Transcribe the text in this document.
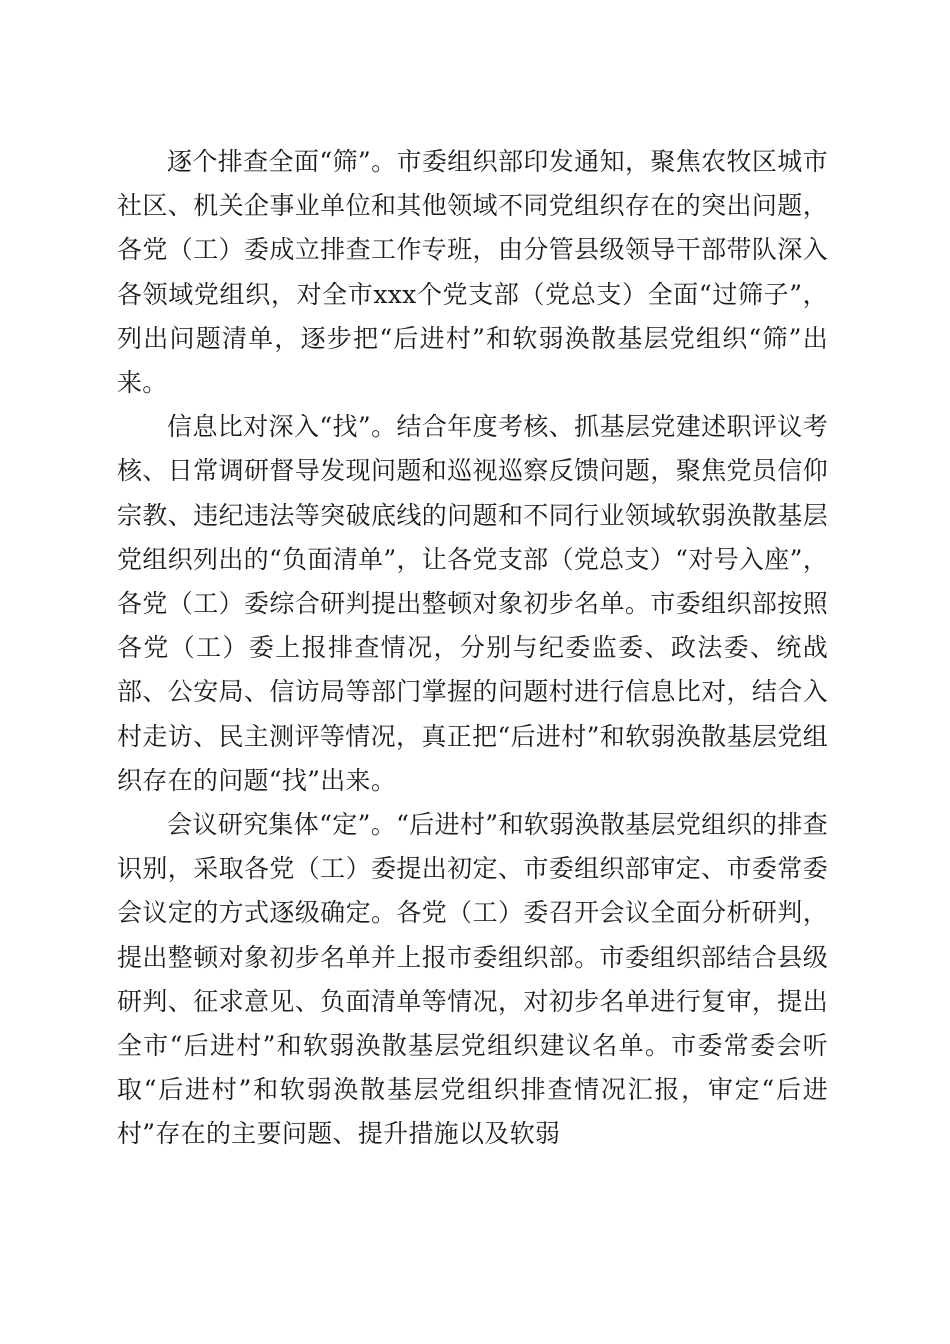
逐个排查全面“筛”。市委组织部印发通知，聚焦农牧区城市社区、机关企事业单位和其他领域不同党组织存在的突出问题，各党（工）委成立排查工作专班，由分管县级领导干部带队深入各领域党组织，对全市xxx个党支部（党总支）全面“过筛子”，列出问题清单，逐步把“后进村”和软弱涣散基层党组织“筛”出来。

信息比对深入“找”。结合年度考核、抓基层党建述职评议考核、日常调研督导发现问题和巡视巡察反馈问题，聚焦党员信仰宗教、违纪违法等突破底线的问题和不同行业领域软弱涣散基层党组织列出的“负面清单”，让各党支部（党总支）“对号入座”，各党（工）委综合研判提出整顿对象初步名单。市委组织部按照各党（工）委上报排查情况，分别与纪委监委、政法委、统战部、公安局、信访局等部门掌握的问题村进行信息比对，结合入村走访、民主测评等情况，真正把“后进村”和软弱涣散基层党组织存在的问题“找”出来。

会议研究集体“定”。“后进村”和软弱涣散基层党组织的排查识别，采取各党（工）委提出初定、市委组织部审定、市委常委会议定的方式逐级确定。各党（工）委召开会议全面分析研判，提出整顿对象初步名单并上报市委组织部。市委组织部结合县级研判、征求意见、负面清单等情况，对初步名单进行复审，提出全市“后进村”和软弱涣散基层党组织建议名单。市委常委会听取“后进村”和软弱涣散基层党组织排查情况汇报，审定“后进村”存在的主要问题、提升措施以及软弱
